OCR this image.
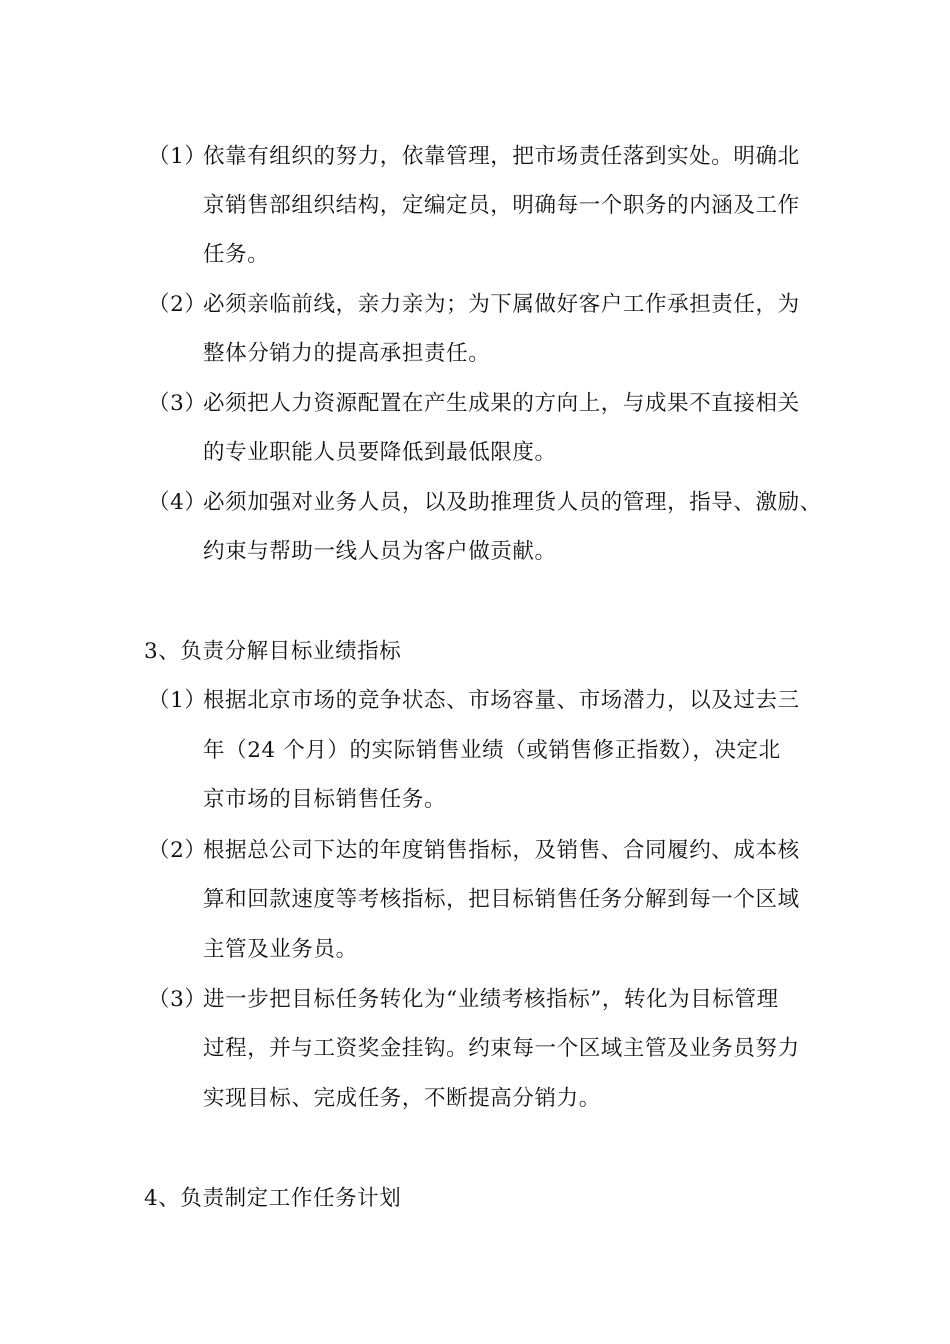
（1）
依靠有组织的努力，依靠管理，把市场责任落到实处。明确北
京销售部组织结构，定编定员，明确每一个职务的内涵及工作
任务。
（2）
必须亲临前线，亲力亲为；为下属做好客户工作承担责任，为
整体分销力的提高承担责任。
（3）
必须把人力资源配置在产生成果的方向上，与成果不直接相关
的专业职能人员要降低到最低限度。
（4）
必须加强对业务人员，以及助推理货人员的管理，指导、激励、
约束与帮助一线人员为客户做贡献。
3、负责分解目标业绩指标
（1）
根据北京市场的竞争状态、市场容量、市场潜力，以及过去三
年（24 个月）的实际销售业绩（或销售修正指数），决定北
京市场的目标销售任务。
（2）
根据总公司下达的年度销售指标，及销售、合同履约、成本核
算和回款速度等考核指标，把目标销售任务分解到每一个区域
主管及业务员。
（3）
进一步把目标任务转化为“业绩考核指标”，转化为目标管理
过程，并与工资奖金挂钩。约束每一个区域主管及业务员努力
实现目标、完成任务，不断提高分销力。
4、负责制定工作任务计划
